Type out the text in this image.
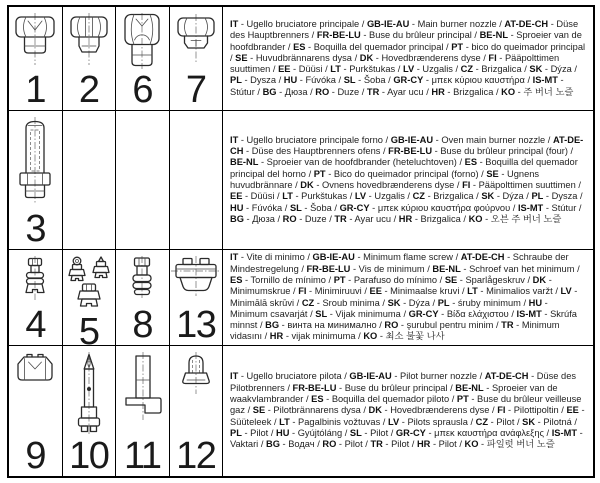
1 2 6 7

IT - Ugello bruciatore principale / GB-IE-AU - Main burner nozzle / AT-DE-CH - Düse des Hauptbrenners / FR-BE-LU - Buse du brûleur principal / BE-NL - Sproeier van de hoofdbrander / ES - Boquilla del quemador principal / PT - bico do queimador principal / SE - Huvudbrännarens dysa / DK - Hovedbrænderens dyse / FI - Pääpolttimen suuttimen / EE - Düüsi / LT - Purkštukas / LV - Uzgalis / CZ - Brizgalica / SK - Dýza / PL - Dysza / HU - Fúvóka / SL - Šoba / GR-CY - μπεκ κύριου καυστήρα / IS-MT - Stútur / BG - Дюза / RO - Duze / TR - Ayar ucu / HR - Brizgalica / KO - 주 버너 노즐

3

IT - Ugello bruciatore principale forno / GB-IE-AU - Oven main burner nozzle / AT-DE-CH - Düse des Hauptbrenners ofens / FR-BE-LU - Buse du brûleur principal (four) / BE-NL - Sproeier van de hoofdbrander (heteluchtoven) / ES - Boquilla del quemador principal del horno / PT - Bico do queimador principal (forno) / SE - Ugnens huvudbrännare / DK - Ovnens hovedbrænderens dyse / FI - Pääpolttimen suuttimen / EE - Düüsi / LT - Purkštukas / LV - Uzgalis / CZ - Brizgalica / SK - Dýza / PL - Dysza / HU - Fúvóka / SL - Šoba / GR-CY - μπεκ κύριου καυστήρα φούρνου / IS-MT - Stútur / BG - Дюза / RO - Duze / TR - Ayar ucu / HR - Brizgalica / KO - 오븐 주 버너 노즐

4 5 8 13

IT - Vite di minimo / GB-IE-AU - Minimum flame screw / AT-DE-CH - Schraube der Mindestregelung / FR-BE-LU - Vis de minimum / BE-NL - Schroef van het minimum / ES - Tornillo de mínimo / PT - Parafuso do mínimo / SE - Sparlågeskruv / DK - Minimumskrue / FI - Minimiruuvi / EE - Minimaalse kruvi / LT - Minimalios varžt / LV - Minimālā skrūvi / CZ - Sroub minima / SK - Dýza / PL - śruby minimum / HU - Minimum csavarját / SL - Vijak minimuma / GR-CY - Βίδα ελάχιστου / IS-MT - Skrúfa minnst / BG - винта на минимално / RO - şurubul pentru minim / TR - Minimum vidasını / HR - vijak minimuma / KO - 최소 불꽃 나사

9 10 11 12

IT - Ugello bruciatore pilota / GB-IE-AU - Pilot burner nozzle / AT-DE-CH - Düse des Pilotbrenners / FR-BE-LU - Buse du brûleur principal / BE-NL - Sproeier van de waakvlambrander / ES - Boquilla del quemador piloto / PT - Buse du brûleur veilleuse gaz / SE - Pilotbrännarens dysa / DK - Hovedbrænderens dyse / FI - Pilottipoltin / EE - Süüteleek / LT - Pagalbinis vožtuvas / LV - Pilots sprausla / CZ - Pilot / SK - Pilotná / PL - Pilot / HU - Gyújtóláng / SL - Pilot / GR-CY - μπεκ καυστήρα ανάφλεξης / IS-MT - Vaktari / BG - Водач / RO - Pilot / TR - Pilot / HR - Pilot / KO - 파일럿 버너 노즐
